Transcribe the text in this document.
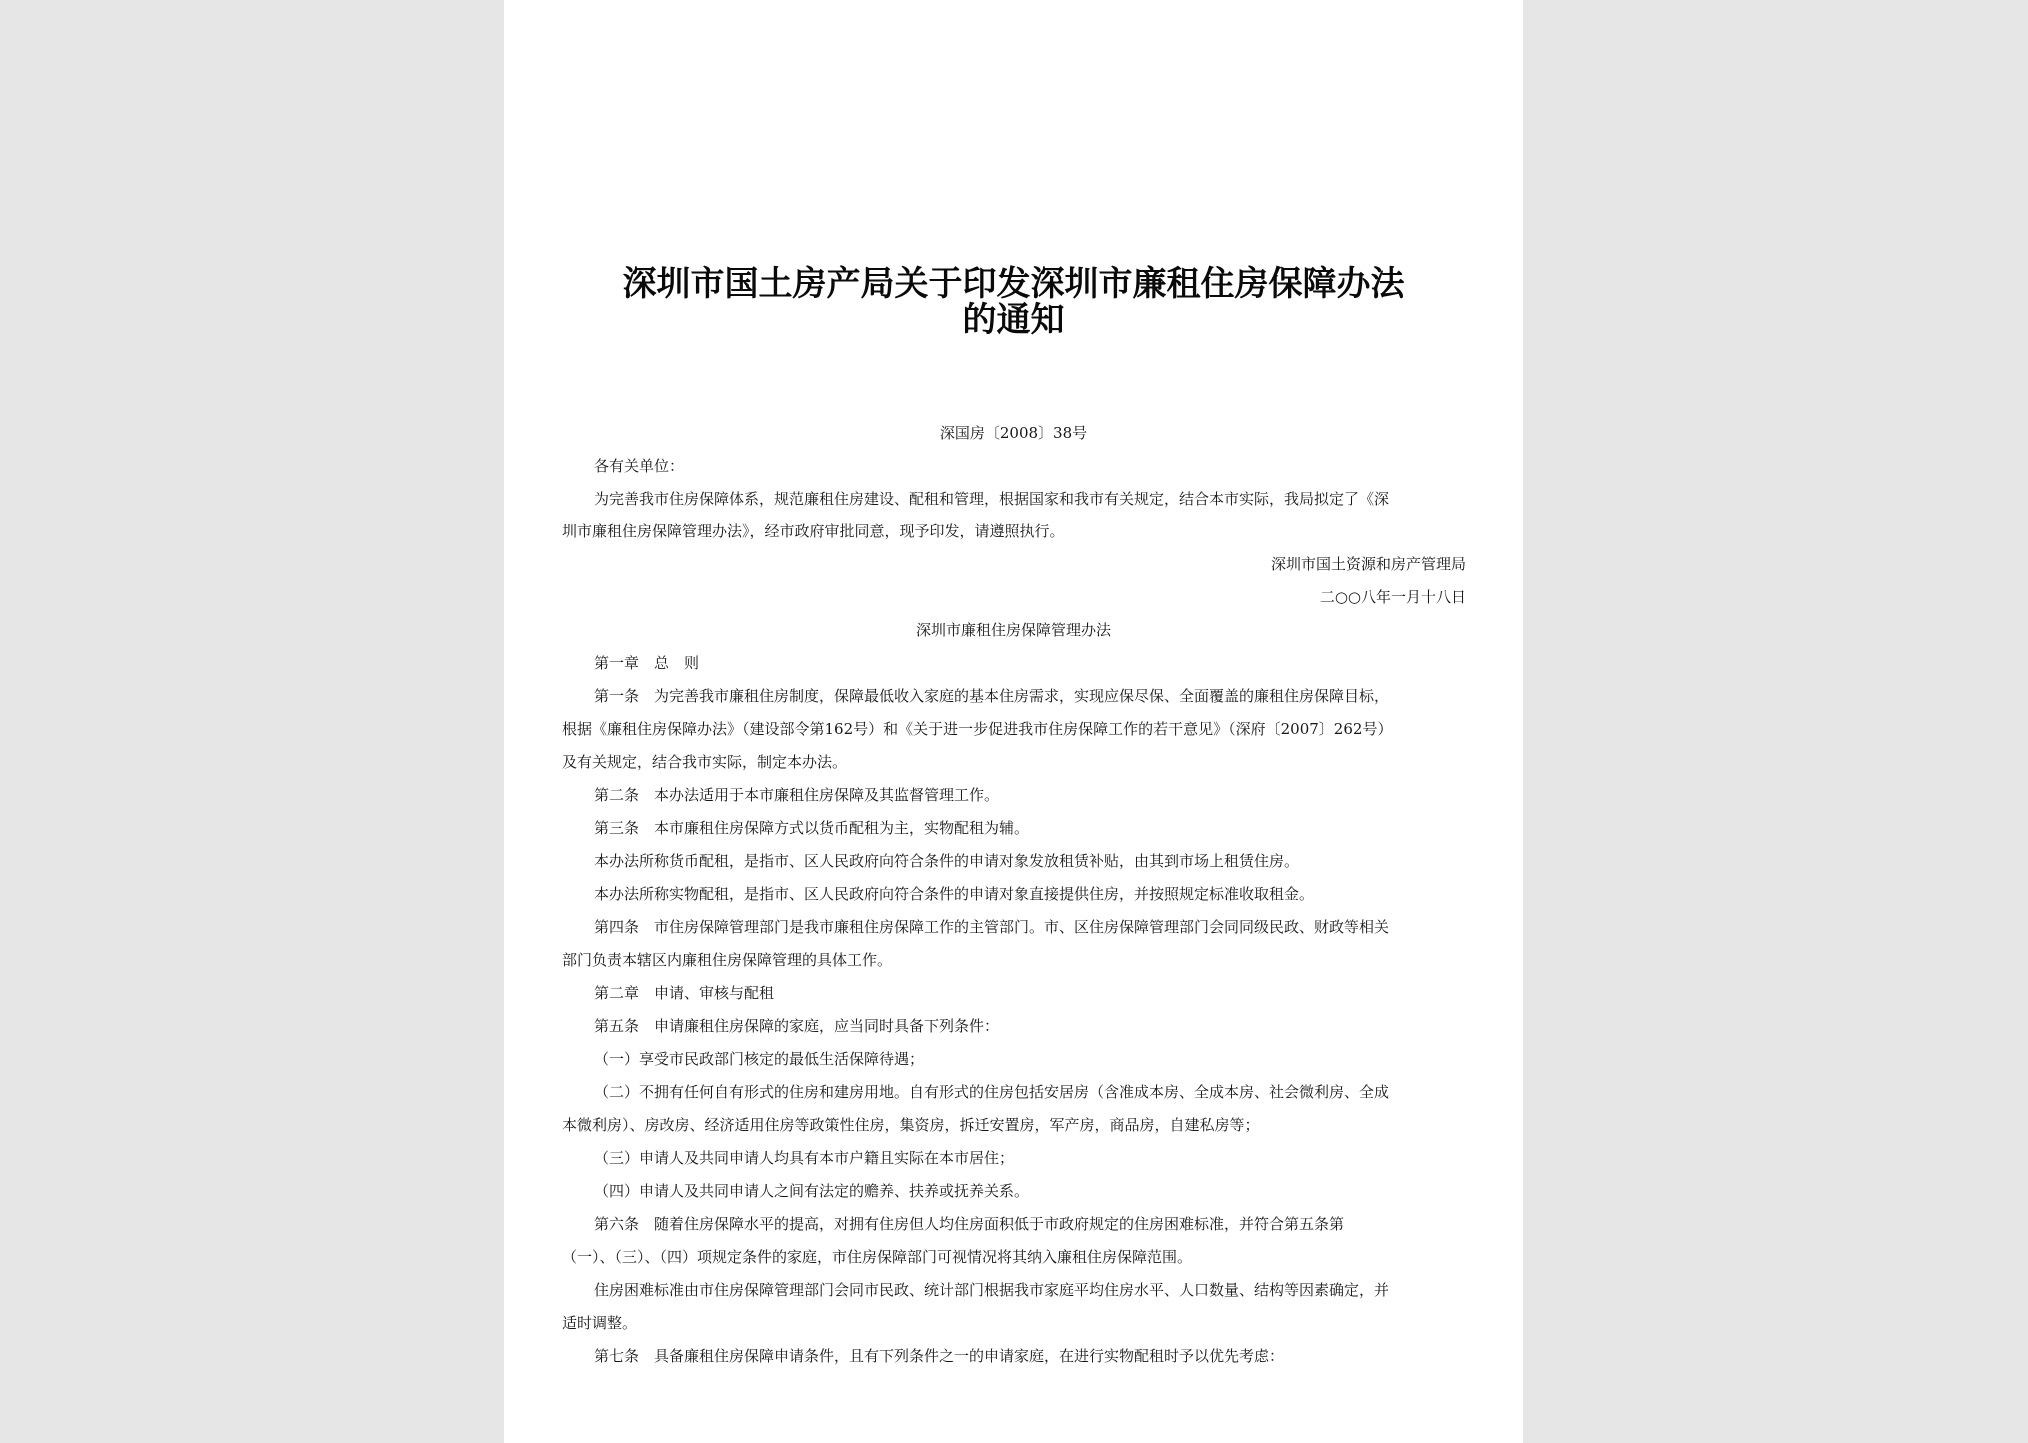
深圳市国土房产局关于印发深圳市廉租住房保障办法
的通知
深国房〔2008〕38号
各有关单位：
为完善我市住房保障体系，规范廉租住房建设、配租和管理，根据国家和我市有关规定，结合本市实际，我局拟定了《深
圳市廉租住房保障管理办法》，经市政府审批同意，现予印发，请遵照执行。
深圳市国土资源和房产管理局
二○○八年一月十八日
深圳市廉租住房保障管理办法
第一章　总　则
第一条　为完善我市廉租住房制度，保障最低收入家庭的基本住房需求，实现应保尽保、全面覆盖的廉租住房保障目标，
根据《廉租住房保障办法》（建设部令第162号）和《关于进一步促进我市住房保障工作的若干意见》（深府〔2007〕262号）
及有关规定，结合我市实际，制定本办法。
第二条　本办法适用于本市廉租住房保障及其监督管理工作。
第三条　本市廉租住房保障方式以货币配租为主，实物配租为辅。
本办法所称货币配租，是指市、区人民政府向符合条件的申请对象发放租赁补贴，由其到市场上租赁住房。
本办法所称实物配租，是指市、区人民政府向符合条件的申请对象直接提供住房，并按照规定标准收取租金。
第四条　市住房保障管理部门是我市廉租住房保障工作的主管部门。市、区住房保障管理部门会同同级民政、财政等相关
部门负责本辖区内廉租住房保障管理的具体工作。
第二章　申请、审核与配租
第五条　申请廉租住房保障的家庭，应当同时具备下列条件：
（一）享受市民政部门核定的最低生活保障待遇；
（二）不拥有任何自有形式的住房和建房用地。自有形式的住房包括安居房（含准成本房、全成本房、社会微利房、全成
本微利房）、房改房、经济适用住房等政策性住房，集资房，拆迁安置房，军产房，商品房，自建私房等；
（三）申请人及共同申请人均具有本市户籍且实际在本市居住；
（四）申请人及共同申请人之间有法定的赡养、扶养或抚养关系。
第六条　随着住房保障水平的提高，对拥有住房但人均住房面积低于市政府规定的住房困难标准，并符合第五条第
（一）、（三）、（四）项规定条件的家庭，市住房保障部门可视情况将其纳入廉租住房保障范围。
住房困难标准由市住房保障管理部门会同市民政、统计部门根据我市家庭平均住房水平、人口数量、结构等因素确定，并
适时调整。
第七条　具备廉租住房保障申请条件，且有下列条件之一的申请家庭，在进行实物配租时予以优先考虑：
